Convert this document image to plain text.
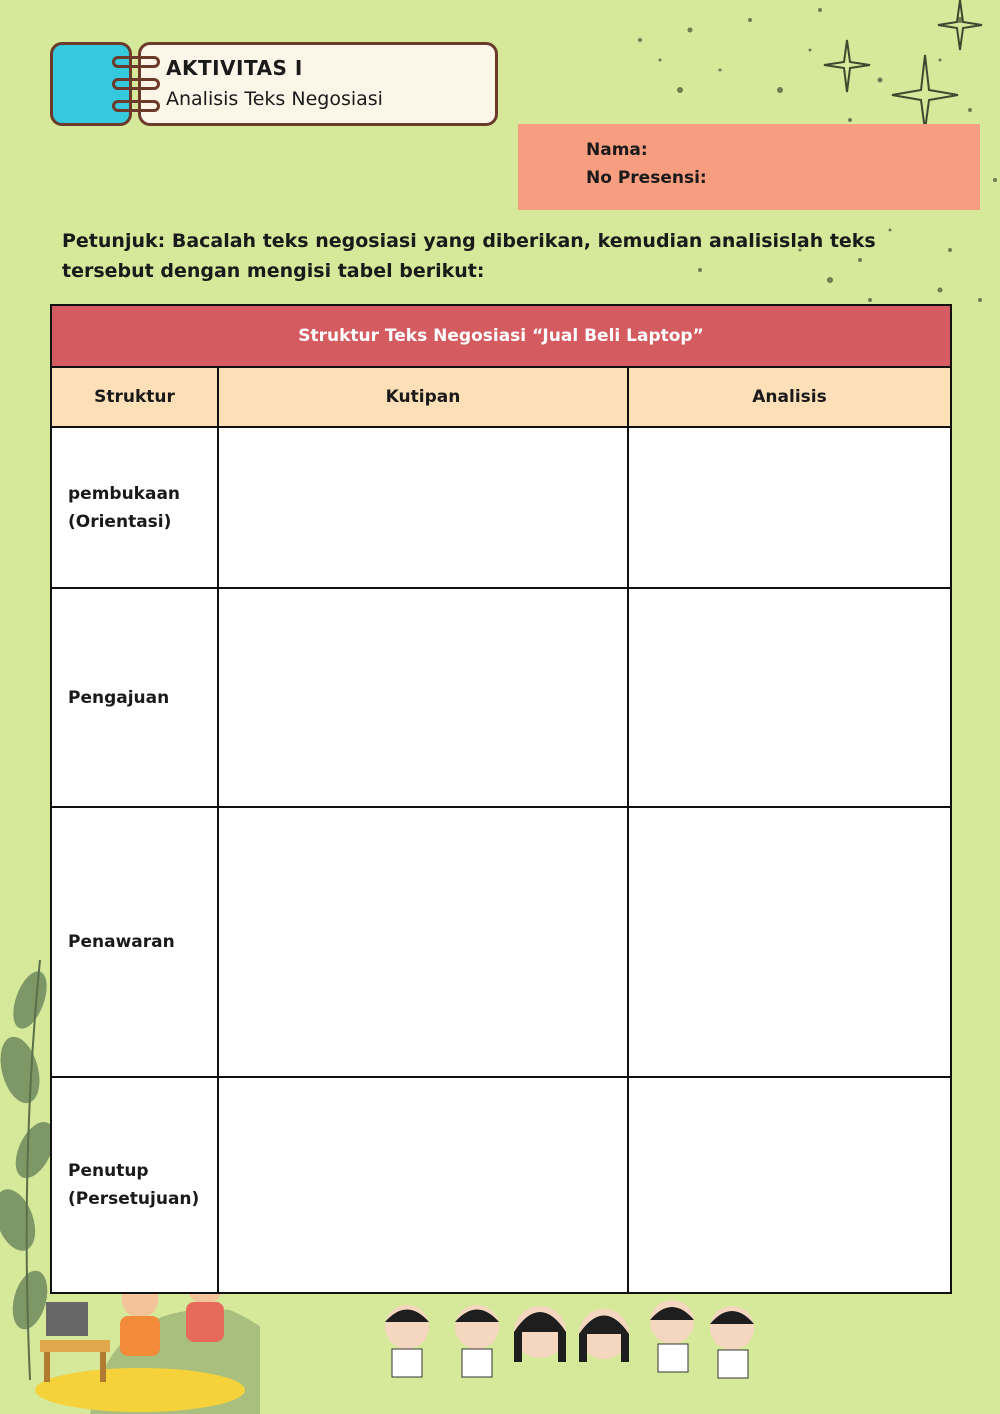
AKTIVITAS I
Analisis Teks Negosiasi
Nama:
No Presensi:
Petunjuk: Bacalah teks negosiasi yang diberikan, kemudian analisislah teks tersebut dengan mengisi tabel berikut:
Struktur Teks Negosiasi “Jual Beli Laptop”		
Struktur	Kutipan	Analisis

pembukaan
(Orientasi)		

Pengajuan		

Penawaran		

Penutup
(Persetujuan)		
